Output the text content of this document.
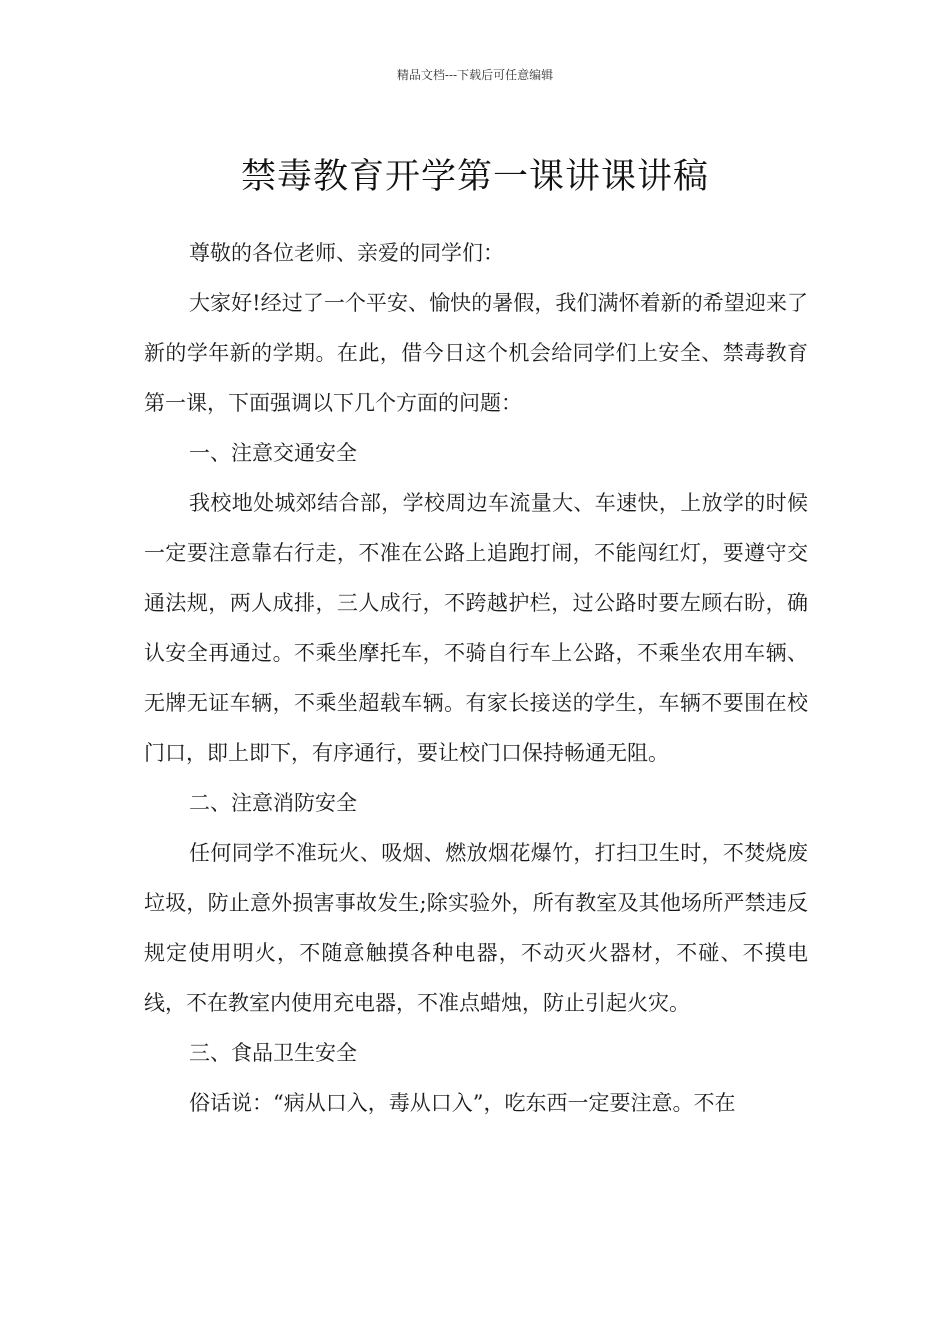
精品文档---下载后可任意编辑
禁毒教育开学第一课讲课讲稿

尊敬的各位老师、亲爱的同学们：

大家好!经过了一个平安、愉快的暑假，我们满怀着新的希望迎来了新的学年新的学期。在此，借今日这个机会给同学们上安全、禁毒教育第一课，下面强调以下几个方面的问题：

一、注意交通安全

我校地处城郊结合部，学校周边车流量大、车速快，上放学的时候一定要注意靠右行走，不准在公路上追跑打闹，不能闯红灯，要遵守交通法规，两人成排，三人成行，不跨越护栏，过公路时要左顾右盼，确认安全再通过。不乘坐摩托车，不骑自行车上公路，不乘坐农用车辆、无牌无证车辆，不乘坐超载车辆。有家长接送的学生，车辆不要围在校门口，即上即下，有序通行，要让校门口保持畅通无阻。

二、注意消防安全

任何同学不准玩火、吸烟、燃放烟花爆竹，打扫卫生时，不焚烧废垃圾，防止意外损害事故发生;除实验外，所有教室及其他场所严禁违反规定使用明火，不随意触摸各种电器，不动灭火器材，不碰、不摸电线，不在教室内使用充电器，不准点蜡烛，防止引起火灾。

三、食品卫生安全

俗话说：“病从口入，毒从口入”，吃东西一定要注意。不在
